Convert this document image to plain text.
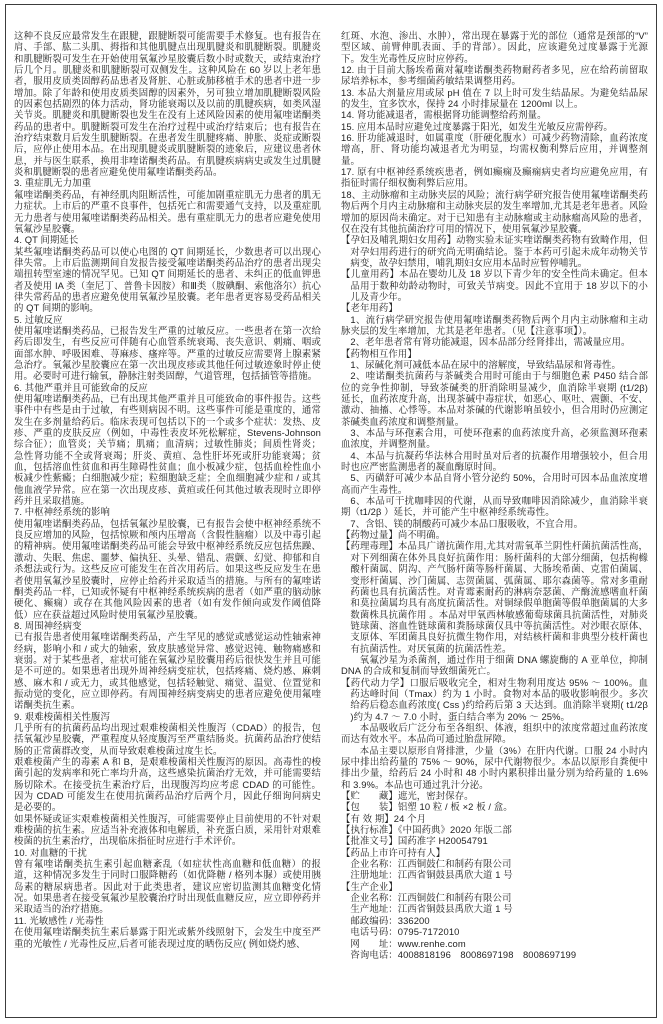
这种不良反应最常发生在跟腱，跟腱断裂可能需要手术修复。也有报告在肩、手部、肱二头肌、拇指和其他肌腱点出现肌腱炎和肌腱断裂。肌腱炎和肌腱断裂可发生在开始使用氧氟沙星胶囊后数小时或数天，或结束治疗后几个月。肌腱炎和肌腱断裂可双侧发生。这种风险在 60 岁以上老年患者，服用皮质类固醇药品患者及肾脏、心脏或肺移植手术的患者中进一步增加。除了年龄和使用皮质类固醇的因素外，另可独立增加肌腱断裂风险的因素包括剧烈的体力活动，肾功能衰竭以及以前的肌腱疾病，如类风湿关节炎。肌腱炎和肌腱断裂也发生在没有上述风险因素的使用氟喹诺酮类药品的患者中。肌腱断裂可发生在治疗过程中或治疗结束后；也有报告在治疗结束数月后发生肌腱断裂。在患者发生肌腱疼痛、肿胀、炎症或断裂后，应停止使用本品。在出现肌腱炎或肌腱断裂的迹象后，应建议患者休息，并与医生联系，换用非喹诺酮类药品。有肌腱疾病病史或发生过肌腱炎和肌腱断裂的患者应避免使用氟喹诺酮类药品。

3. 重症肌无力加重

氟喹诺酮类药品，有神经肌肉阻断活性，可能加剧重症肌无力患者的肌无力症状。上市后的严重不良事件，包括死亡和需要通气支持，以及重症肌无力患者与使用氟喹诺酮类药品相关。患有重症肌无力的患者应避免使用氧氟沙星胶囊。

4. QT 间期延长

某些氟喹诺酮类药品可以使心电图的 QT 间期延长，少数患者可以出现心律失常。上市后监测期间自发报告接受氟喹诺酮类药品治疗的患者出现尖端扭转型室速的情况罕见。已知 QT 间期延长的患者、未纠正的低血钾患者及使用 IA 类（奎尼丁、普鲁卡因胺）和Ⅲ类（胺碘酮、索他洛尔）抗心律失常药品的患者应避免使用氧氟沙星胶囊。老年患者更容易受药品相关的 QT 间期的影响。

5. 过敏反应

使用氟喹诺酮类药品，已报告发生严重的过敏反应。一些患者在第一次给药后即发生，有些反应可伴随有心血管系统衰竭、丧失意识、刺痛、咽或面部水肿、呼吸困难、荨麻疹、瘙痒等。严重的过敏反应需要肾上腺素紧急治疗。氧氟沙星胶囊应在第一次出现皮疹或其他任何过敏迹象时停止使用。必要时可进行输氧，静脉注射类固醇，气道管理，包括插管等措施。

6. 其他严重并且可能致命的反应

使用氟喹诺酮类药品，已有出现其他严重并且可能致命的事件报告。这些事件中有些是由于过敏，有些则病因不明。这些事件可能是重度的，通常发生在多剂量给药后。临床表现可包括以下的一个或多个症状：发热、皮疹、严重的皮肤反应（例如，中毒性表皮坏死松解症，Stevens-Johnson 综合征）；血管炎；关节痛；肌痛；血清病；过敏性肺炎；间质性肾炎；急性肾功能不全或肾衰竭；肝炎、黄疸、急性肝坏死或肝功能衰竭；贫血，包括溶血性贫血和再生障碍性贫血；血小板减少症，包括血栓性血小板减少性紫癜；白细胞减少症；粒细胞缺乏症；全血细胞减少症和 / 或其他血液学异常。应在第一次出现皮疹、黄疸或任何其他过敏表现时立即停药并且采取措施。

7. 中枢神经系统的影响

使用氟喹诺酮类药品，包括氧氟沙星胶囊，已有报告会使中枢神经系统不良反应增加的风险，包括惊厥和颅内压增高（含假性脑瘤）以及中毒引起的精神病。使用氟喹诺酮类药品可能会导致中枢神经系统反应包括焦躁、激动、失眠、焦虑、噩梦、偏执狂、头晕、错乱、震颤、幻觉、抑郁和自杀想法或行为。这些反应可能发生在首次用药后。如果这些反应发生在患者使用氧氟沙星胶囊时，应停止给药并采取适当的措施。与所有的氟喹诺酮类药品一样，已知或怀疑有中枢神经系统疾病的患者（如严重的脑动脉硬化、癫痫）或存在其他风险因素的患者（如有发作倾向或发作阈值降低）应在获益超过风险时使用氧氟沙星胶囊。

8. 周围神经病变

已有报告患者使用氟喹诺酮类药品，产生罕见的感觉或感觉运动性轴索神经病，影响小和 / 或大的轴索，致皮肤感觉异常、感觉迟钝、触物痛感和衰弱。对于某些患者，症状可能在氧氟沙星胶囊用药后很快发生并且可能是不可逆的。如果患者出现外周神经病变症状，包括疼痛、烧灼感、麻刺感、麻木和 / 或无力，或其他感觉，包括轻触觉、痛觉、温觉、位置觉和振动觉的变化，应立即停药。有周围神经病变病史的患者应避免使用氟喹诺酮类抗生素。

9. 艰难梭菌相关性腹泻

几乎所有的抗菌药品均出现过艰难梭菌相关性腹泻（CDAD）的报告，包括氧氟沙星胶囊，严重程度从轻度腹泻至严重结肠炎。抗菌药品治疗使结肠的正常菌群改变，从而导致艰难梭菌过度生长。

艰难梭菌产生的毒素 A 和 B，是艰难梭菌相关性腹泻的原因。高毒性的梭菌引起的发病率和死亡率均升高，这些感染抗菌治疗无效，并可能需要结肠切除术。在接受抗生素治疗后，出现腹泻均应考虑 CDAD 的可能性。因为 CDAD 可能发生在使用抗菌药品治疗后两个月，因此仔细询问病史是必要的。

如果怀疑或证实艰难梭菌相关性腹泻，可能需要停止目前使用的不针对艰难梭菌的抗生素。应适当补充液体和电解质，补充蛋白质，采用针对艰难梭菌的抗生素治疗，出现临床指征时应进行手术评价。

10. 对血糖的干扰

曾有氟喹诺酮类抗生素引起血糖紊乱（如症状性高血糖和低血糖）的报道，这种情况多发生于同时口服降糖药（如优降糖 / 格列本脲）或使用胰岛素的糖尿病患者。因此对于此类患者，建议应密切监测其血糖变化情况。如果患者在接受氧氟沙星胶囊治疗时出现低血糖反应，应立即停药并采取适当的治疗措施。

11. 光敏感性 / 光毒性

在使用氟喹诺酮类抗生素后暴露于阳光或紫外线照射下，会发生中度至严重的光敏性 / 光毒性反应,后者可能表现过度的晒伤反应( 例如烧灼感、

红斑、水泡、渗出、水肿），常出现在暴露于光的部位（通常是颈部的“V”型区域、前臂伸肌表面、手的背部）。因此，应该避免过度暴露于光源下。发生光毒性反应时应停药。

12. 由于目前大肠埃希菌对氟喹诺酮类药物耐药者多见，应在给药前留取尿培养标本，参考细菌药敏结果调整用药。

13. 本品大剂量应用或尿 pH 值在 7 以上时可发生结晶尿。为避免结晶尿的发生，宜多饮水，保持 24 小时排尿量在 1200ml 以上。

14. 肾功能减退者，需根据肾功能调整给药剂量。

15. 应用本品时应避免过度暴露于阳光，如发生光敏反应需停药。

16. 肝功能减退时，如属重度（肝硬化腹水）可减少药物清除，血药浓度增高，肝、肾功能均减退者尤为明显，均需权衡利弊后应用，并调整剂量。

17. 原有中枢神经系统疾患者，例如癫痫及癫痫病史者均应避免应用，有指征时需仔细权衡利弊后应用。

18、主动脉瘤和主动脉夹层的风险；流行病学研究报告使用氟喹诺酮类药物后两个月内主动脉瘤和主动脉夹层的发生率增加,尤其是老年患者。风险增加的原因尚未确定。对于已知患有主动脉瘤或主动脉瘤高风险的患者，仅在没有其他抗菌治疗可用的情况下，使用氧氟沙星胶囊。

【孕妇及哺乳期妇女用药】动物实验未证实喹诺酮类药物有致畸作用，但对孕妇用药进行的研究尚无明确结论。鉴于本药可引起未成年动物关节病变，故孕妇禁用，哺乳期妇女应用本品时应暂停哺乳。

【儿童用药】本品在婴幼儿及 18 岁以下青少年的安全性尚未确定。但本品用于数种幼龄动物时，可致关节病变。因此不宜用于 18 岁以下的小儿及青少年。

【老年用药】

1、流行病学研究报告使用氟喹诺酮类药物后两个月内主动脉瘤和主动脉夹层的发生率增加，尤其是老年患者。（见【注意事项】）。

2、老年患者常有肾功能减退，因本品部分经肾排出，需减量应用。

【药物相互作用】

1、尿碱化剂可减低本品在尿中的溶解度，导致结晶尿和肾毒性。

2、喹诺酮类抗菌药与茶碱类合用时可能由于与细胞色素 P450 结合部位的竞争性抑制，导致茶碱类的肝消除明显减少，血消除半衰期 (t1/2β) 延长，血药浓度升高，出现茶碱中毒症状，如恶心、呕吐、震颤、不安、激动、抽搐、心悸等。本品对茶碱的代谢影响虽较小，但合用时仍应测定茶碱类血药浓度和调整剂量。

3、本品与环孢素合用，可使环孢素的血药浓度升高，必须监测环孢素血浓度，并调整剂量。

4、本品与抗凝药华法林合用时虽对后者的抗凝作用增强较小，但合用时也应严密监测患者的凝血酶原时间。

5、丙磺舒可减少本品自肾小管分泌约 50%，合用时可因本品血浓度增高而产生毒性。

6、本品可干扰咖啡因的代谢，从而导致咖啡因消除减少，血消除半衰期（t1/2β ）延长，并可能产生中枢神经系统毒性。

7、含铝、镁的制酸药可减少本品口服吸收，不宜合用。

【药物过量】尚不明确。

【药理毒理】本品具广谱抗菌作用,尤其对需氧革兰阴性杆菌抗菌活性高，对下列细菌在体外具良好抗菌作用：肠杆菌科的大部分细菌，包括枸橼酸杆菌属、阴沟、产气肠杆菌等肠杆菌属、大肠埃希菌、克雷伯菌属、变形杆菌属、沙门菌属、志贺菌属、弧菌属、耶尔森菌等。常对多重耐药菌也具有抗菌活性。对青霉素耐药的淋病奈瑟菌、产酶流感嗜血杆菌和莫拉菌属均具有高度抗菌活性。对铜绿假单胞菌等假单胞菌属的大多数菌株具抗菌作用 。本品对甲氧西林敏感葡萄球菌具抗菌活性，对肺炎链球菌、溶血性链球菌和粪肠球菌仅具中等抗菌活性。对沙眼衣原体、支原体、军团菌具良好抗微生物作用，对结核杆菌和非典型分枝杆菌也有抗菌活性。对厌氧菌的抗菌活性差。

氧氟沙星为杀菌剂，通过作用于细菌 DNA 螺旋酶的 A 亚单位，抑制 DNA 的合成和复制而导致细菌死亡。

【药代动力学】口服后吸收完全，相对生物利用度达 95% ～ 100%。血药达峰时间（Tmax）约为 1 小时。食物对本品的吸收影响很少。多次给药后稳态血药浓度( Css )约给药后第 3 天达到。血消除半衰期( t1/2β )约为 4.7 ～ 7.0 小时，蛋白结合率为 20% ～ 25%。

本品吸收后广泛分布至各组织、体液，组织中的浓度常超过血药浓度而达有效水平。本品尚可通过胎盘屏障。

本品主要以原形自肾排泄，少量（3%）在肝内代谢。口服 24 小时内尿中排出给药量的 75% ～ 90%，尿中代谢物很少。本品以原形自粪便中排出少量，给药后 24 小时和 48 小时内累积排出量分别为给药量的 1.6% 和 3.9%。本品也可通过乳汁分泌。

【贮　　藏】遮光，密封保存。

【包　　装】铝塑 10 粒 / 板 ×2 板 / 盒。

【有 效 期】24 个月

【执行标准】《中国药典》2020 年版二部

【批准文号】国药准字 H20054791

【药品上市许可持有人】

企业名称：江西铜鼓仁和制药有限公司

注册地址：江西省铜鼓县禹欣大道 1 号

【生产企业】

企业名称：江西铜鼓仁和制药有限公司

生产地址：江西省铜鼓县禹欣大道 1 号

邮政编码：336200

电话号码：0795-7172010

网　　址：www.renhe.com

咨询电话：4008818196　8008697198　8008697199
